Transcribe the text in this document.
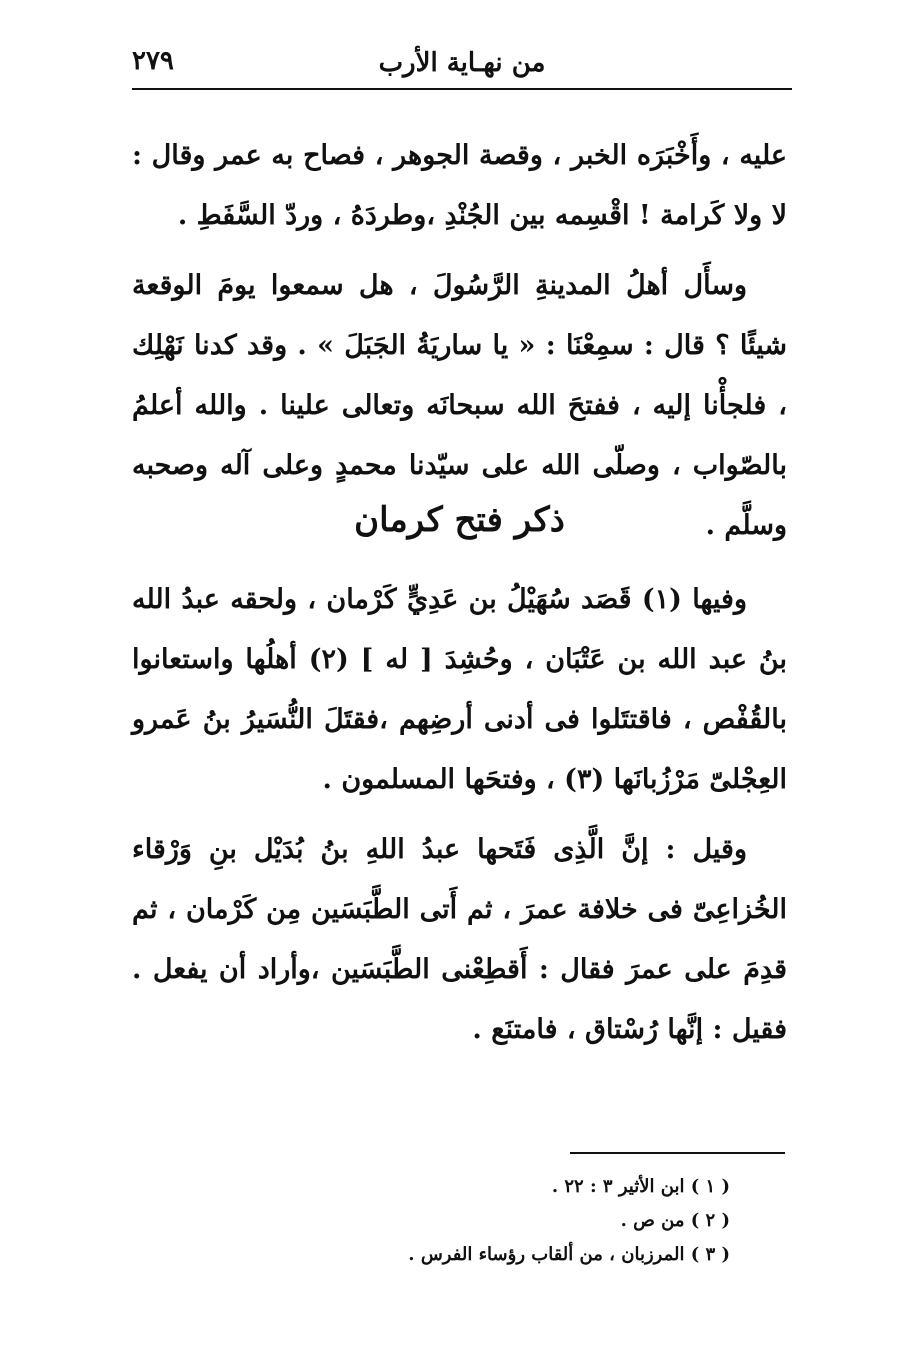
٢٧٩	من نهـاية الأرب

عليه ، وأَخْبَرَه الخبر ، وقصة الجوهر ، فصاح به عمر وقال : لا ولا كَرامة ! اقْسِمه بين الجُنْدِ ،وطردَهُ ، وردّ السَّفَطِ .

وسأَل أهلُ المدينةِ الرَّسُولَ ، هل سمعوا يومَ الوقعة شيئًا ؟ قال : سمِعْنَا : « يا ساريَةُ الجَبَلَ » . وقد كدنا نَهْلِك ، فلجأْنا إليه ، ففتحَ الله سبحانَه وتعالى علينا . والله أعلمُ بالصّواب ، وصلّى الله على سيّدنا محمدٍ وعلى آله وصحبه وسلَّم .

ذكر فتح كرمان

وفيها (١) قَصَد سُهَيْلُ بن عَدِيٍّ كَرْمان ، ولحقه عبدُ الله بنُ عبد الله بن عَتْبَان ، وحُشِدَ [ له ] (٢) أهلُها واستعانوا بالقُفْص ، فاقتتَلوا فى أدنى أرضِهم ،فقتَلَ النُّسَيرُ بنُ عَمرو العِجْلىّ مَرْزُبانَها (٣) ، وفتحَها المسلمون .

وقيل : إنَّ الَّذِى فَتَحها عبدُ اللهِ بنُ بُدَيْل بنِ وَرْقاء الخُزاعِىّ فى خلافة عمرَ ، ثم أَتى الطَّبَسَين مِن كَرْمان ، ثم قدِمَ على عمرَ فقال : أَقطِعْنى الطَّبَسَين ،وأراد أن يفعل . فقيل : إنَّها رُسْتاق ، فامتنَع .

( ١ ) ابن الأثير ٣ : ٢٢ .
( ٢ ) من ص .
( ٣ ) المرزبان ، من ألقاب رؤساء الفرس .
